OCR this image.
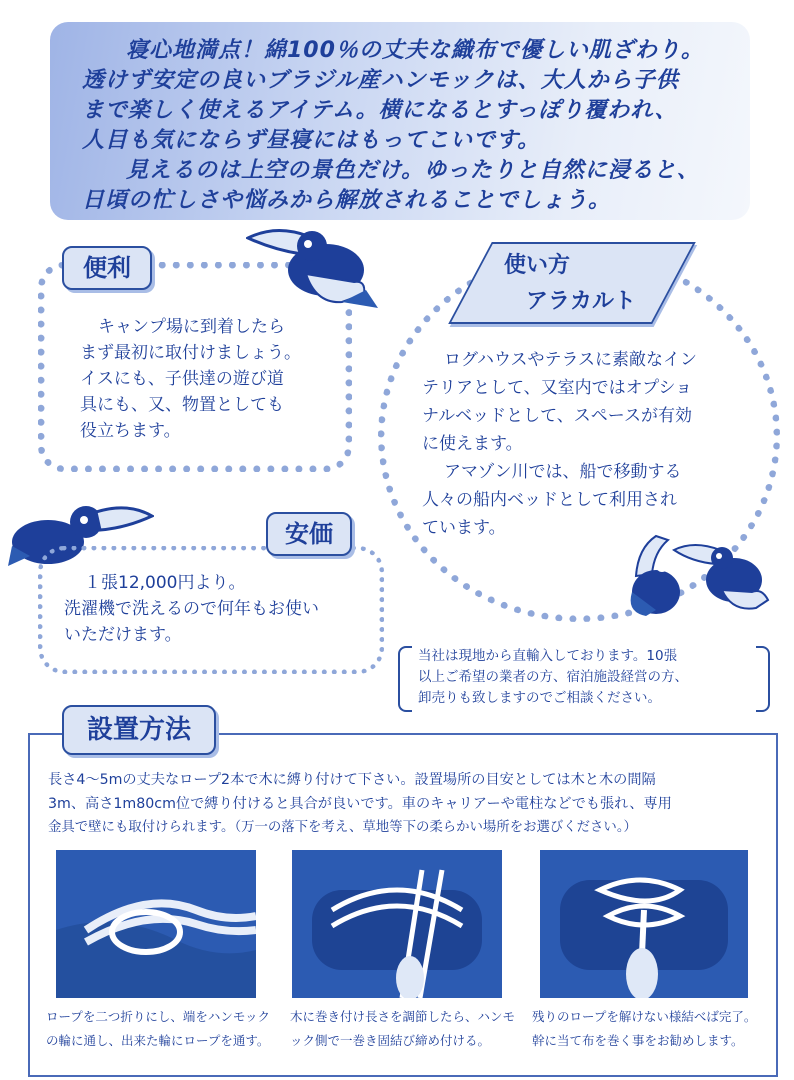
寝心地満点！綿100％の丈夫な織布で優しい肌ざわり。
透けず安定の良いブラジル産ハンモックは、大人から子供
まで楽しく使えるアイテム。横になるとすっぽり覆われ、
人目も気にならず昼寝にはもってこいです。
見えるのは上空の景色だけ。ゆったりと自然に浸ると、
日頃の忙しさや悩みから解放されることでしょう。
便利
キャンプ場に到着したら
まず最初に取付けましょう。
イスにも、子供達の遊び道
具にも、又、物置としても
役立ちます。
使い方
アラカルト
ログハウスやテラスに素敵なイン
テリアとして、又室内ではオプショ
ナルベッドとして、スペースが有効
に使えます。
アマゾン川では、船で移動する
人々の船内ベッドとして利用され
ています。
安価
１張12,000円より。
洗濯機で洗えるので何年もお使い
いただけます。
当社は現地から直輸入しております。10張
以上ご希望の業者の方、宿泊施設経営の方、
卸売りも致しますのでご相談ください。
設置方法
長さ4～5mの丈夫なロープ2本で木に縛り付けて下さい。設置場所の目安としては木と木の間隔
3m、高さ1m80cm位で縛り付けると具合が良いです。車のキャリアーや電柱などでも張れ、専用
金具で壁にも取付けられます。（万一の落下を考え、草地等下の柔らかい場所をお選びください。）
ロープを二つ折りにし、端をハンモック
の輪に通し、出来た輪にロープを通す。
木に巻き付け長さを調節したら、ハンモ
ック側で一巻き固結び締め付ける。
残りのロープを解けない様結べば完了。
幹に当て布を巻く事をお勧めします。
